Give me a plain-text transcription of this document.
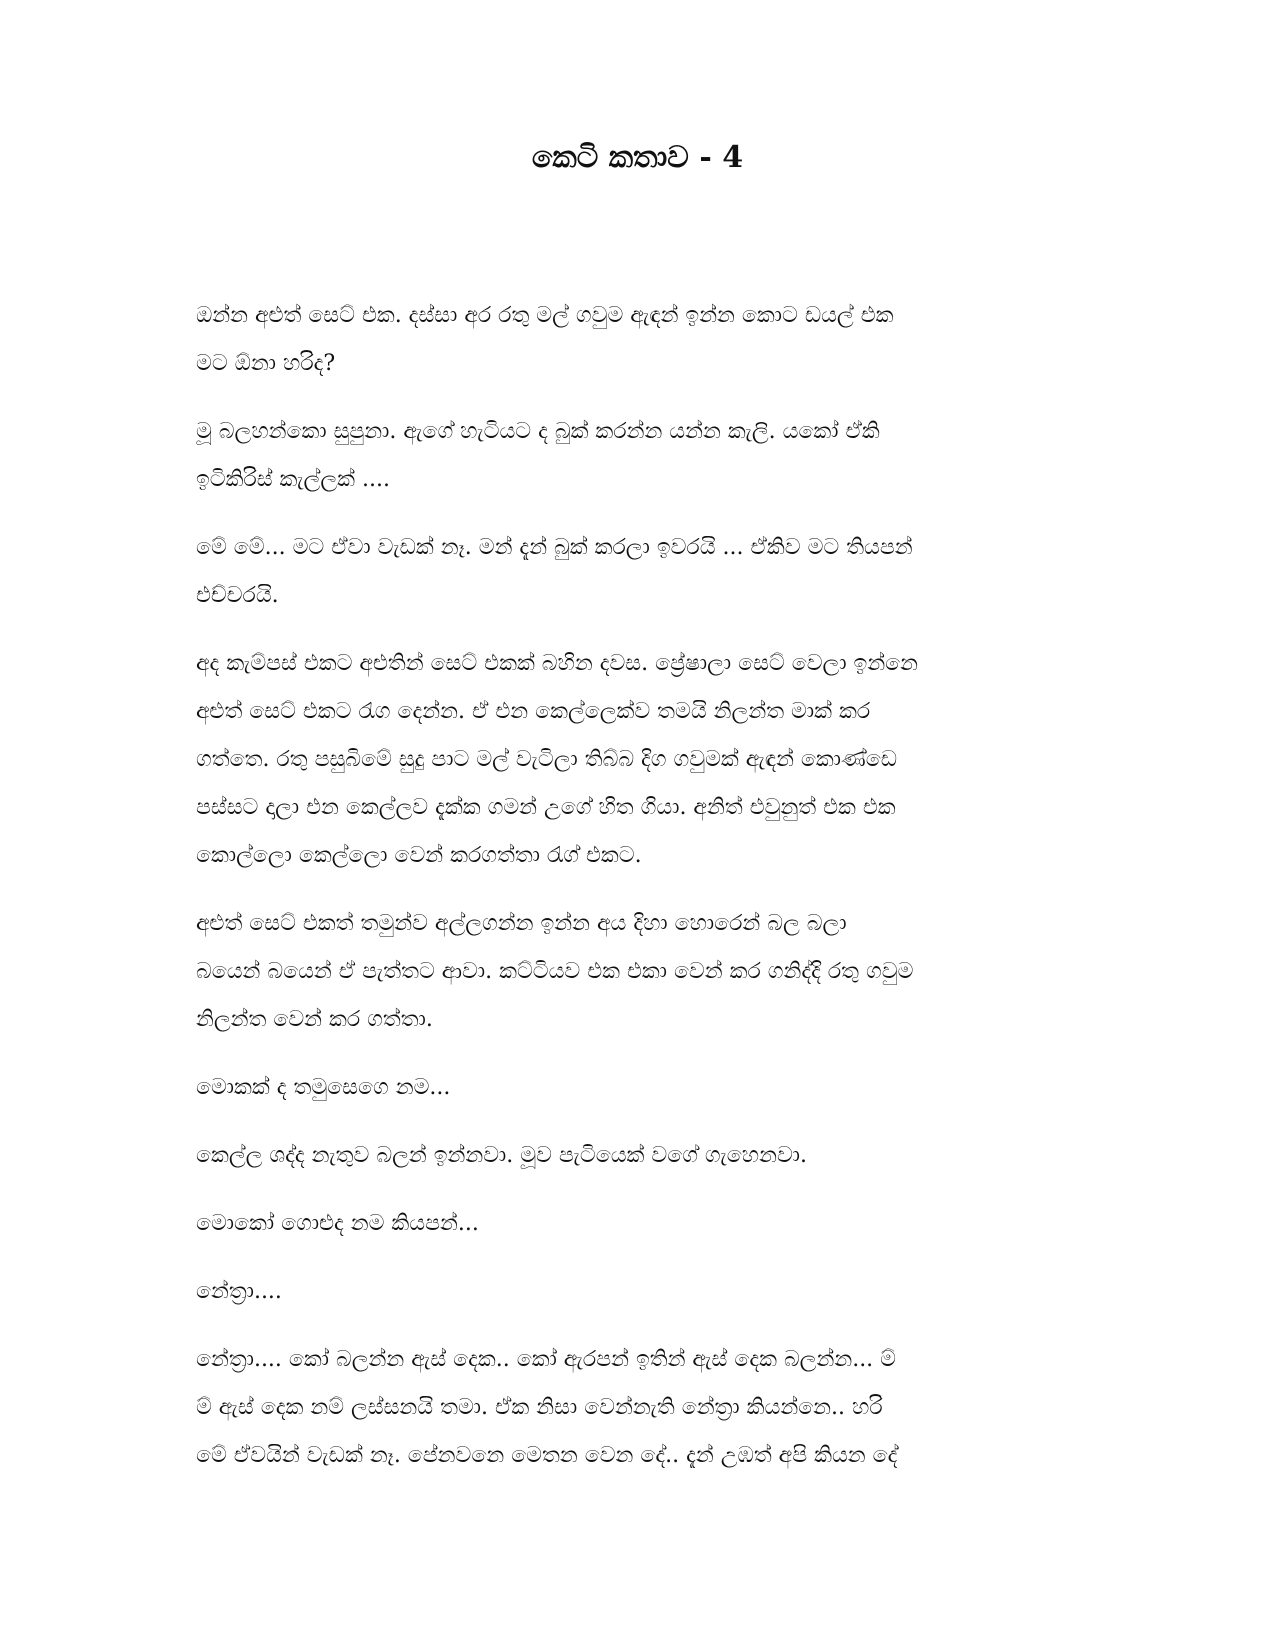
කෙටි කතාව - 4

ඔන්න අළුත් සෙට් එක. දස්සා අර රතු මල් ගවුම ඇඳන් ඉන්න කොට ඩයල් එක
මට ඕනා හරිද?

මූ බලහන්කො සුපුනා. ඇගේ හැටියට ද බුක් කරන්න යන්න කැලි. යකෝ ඒකි
ඉටිකිරිස් කැල්ලක් ....

මේ මේ... මට ඒවා වැඩක් නෑ. මන් දැන් බුක් කරලා ඉවරයි ... ඒකිව මට තියපන්
එච්චරයි.

අද කැම්පස් එකට අළුතින් සෙට් එකක් බහින දවස. ප්‍රේෂාලා සෙට් වෙලා ඉන්නෙ
අළුත් සෙට් එකට රැග දෙන්න. ඒ එන කෙල්ලෙක්ව තමයි නිලන්ත මාක් කර
ගත්තෙ. රතු පසුබිමේ සුදු පාට මල් වැටිලා තිබ්බ දිග ගවුමක් ඇඳන් කොණ්ඩෙ
පස්සට දාලා එන කෙල්ලව දැක්ක ගමන් උගේ හිත ගියා. අනිත් එවුනුත් එක එක
කොල්ලො කෙල්ලො වෙන් කරගත්තා රැග් එකට.

අළුත් සෙට් එකත් තමුන්ව අල්ලගන්න ඉන්න අය දිහා හොරෙන් බල බලා
බයෙන් බයෙන් ඒ පැත්තට ආවා. කට්ටියව එක එකා වෙන් කර ගනිද්දි රතු ගවුම
නිලන්ත වෙන් කර ගත්තා.

මොකක් ද තමුසෙගෙ නම...

කෙල්ල ශද්ද නැතුව බලන් ඉන්නවා. මූව පැටියෙක් වගේ ගැහෙනවා.

මොකෝ ගොළුද නම කියපන්...

නේත්‍රා....

නේත්‍රා.... කෝ බලන්න ඇස් දෙක.. කෝ ඇරපන් ඉතින් ඇස් දෙක බලන්න... ම්
ම් ඇස් දෙක නම් ලස්සනයි තමා. ඒක නිසා වෙන්නැති නේත්‍රා කියන්නෙ.. හරි
මේ ඒවයින් වැඩක් නෑ. පේනවනෙ මෙතන වෙන දේ.. දැන් උඹත් අපි කියන දේ
